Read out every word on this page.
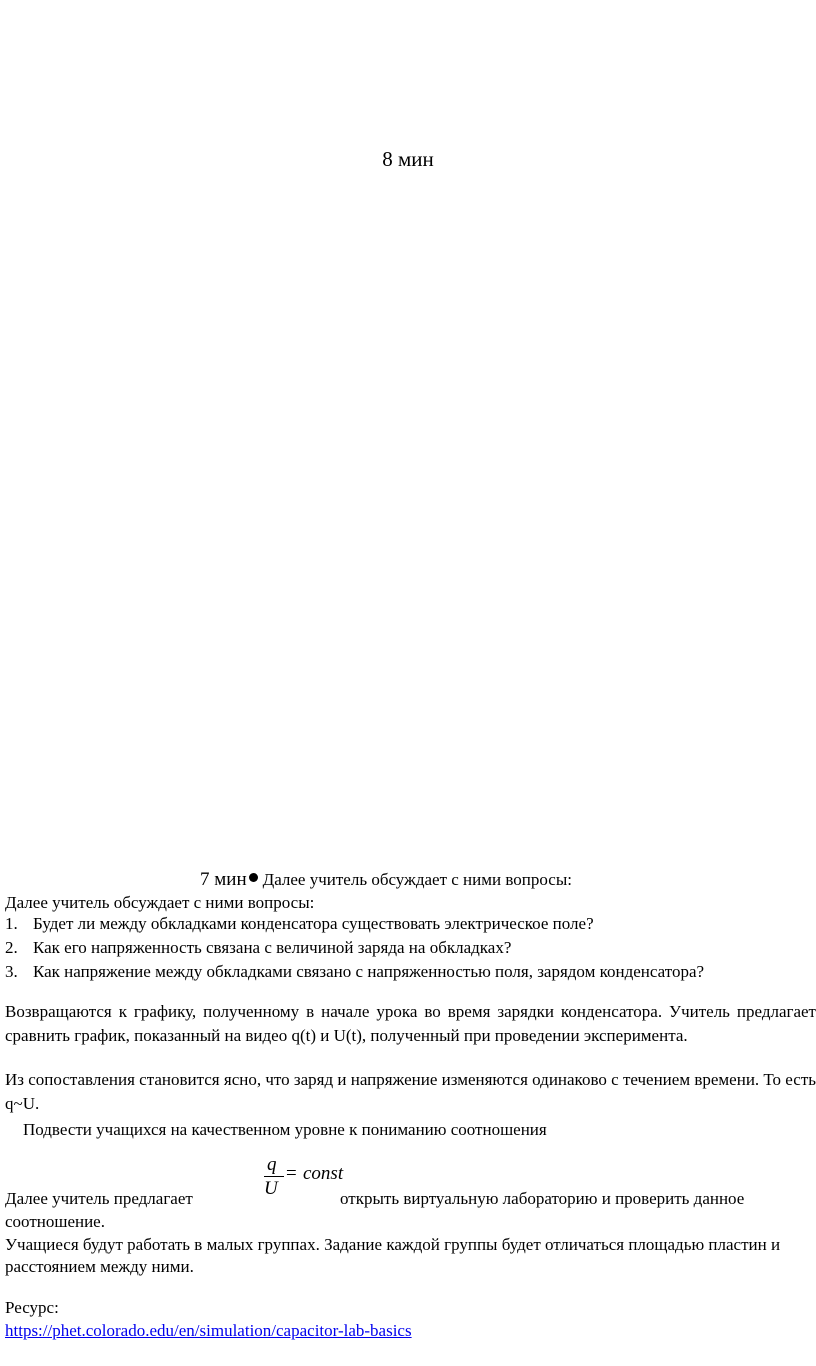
8 мин
7 мин Далее учитель обсуждает с ними вопросы:
Далее учитель обсуждает с ними вопросы:
1. Будет ли между обкладками конденсатора существовать электрическое поле?
2. Как его напряженность связана с величиной заряда на обкладках?
3. Как напряжение между обкладками связано с напряженностью поля, зарядом конденсатора?
Возвращаются к графику, полученному в начале урока во время зарядки конденсатора. Учитель предлагает сравнить график, показанный на видео q(t) и U(t), полученный при проведении эксперимента.
Из сопоставления становится ясно, что заряд и напряжение изменяются одинаково с течением времени. То есть q~U.
Подвести учащихся на качественном уровне к пониманию соотношения
q
U
= const
Далее учитель предлагает	открыть виртуальную лабораторию и проверить данное
соотношение.
Учащиеся будут работать в малых группах. Задание каждой группы будет отличаться площадью пластин и расстоянием между ними.
Ресурс:
https://phet.colorado.edu/en/simulation/capacitor-lab-basics
